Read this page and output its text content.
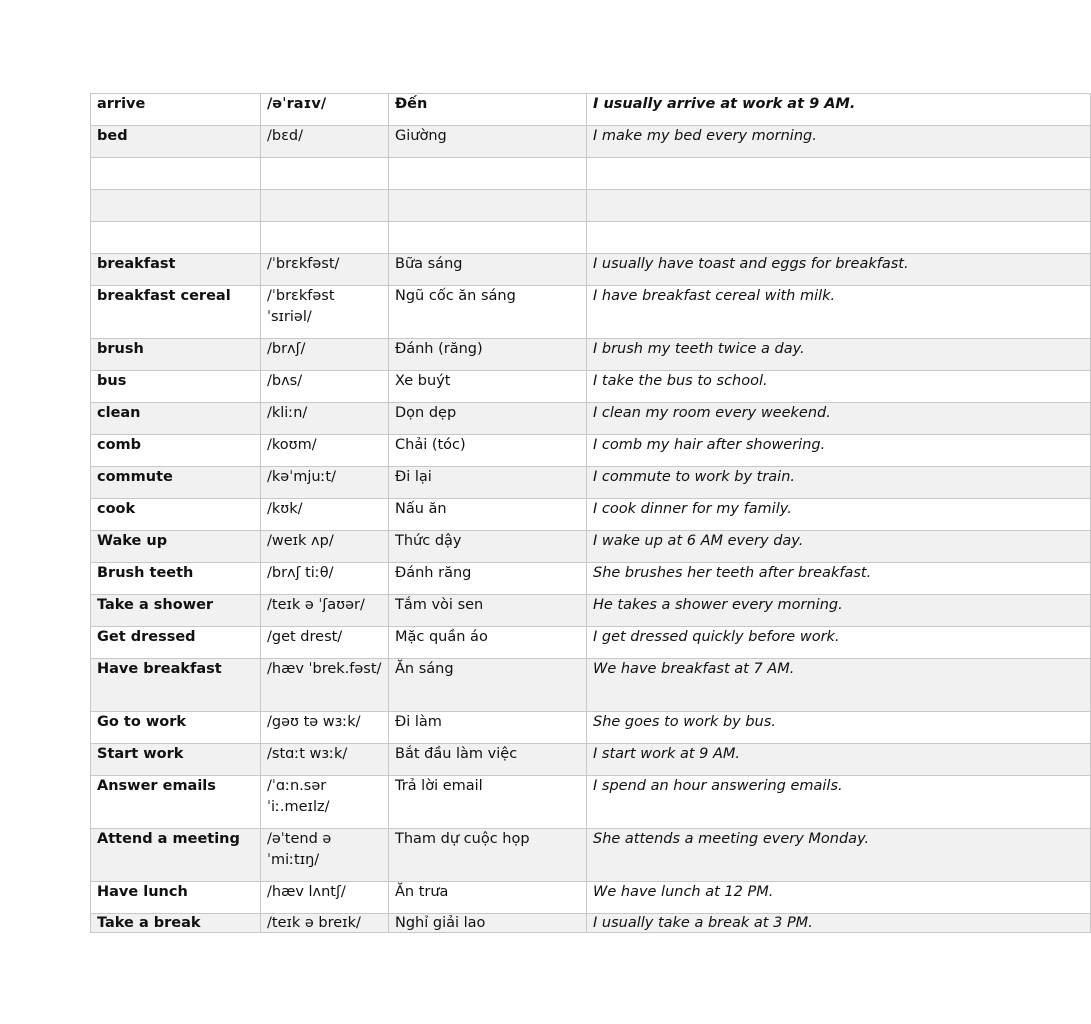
arrive	/əˈraɪv/	Đến	I usually arrive at work at 9 AM.
bed	/bɛd/	Giường	I make my bed every morning.

breakfast	/ˈbrɛkfəst/	Bữa sáng	I usually have toast and eggs for breakfast.
breakfast cereal	/ˈbrɛkfəst ˈsɪriəl/	Ngũ cốc ăn sáng	I have breakfast cereal with milk.
brush	/brʌʃ/	Đánh (răng)	I brush my teeth twice a day.
bus	/bʌs/	Xe buýt	I take the bus to school.
clean	/kliːn/	Dọn dẹp	I clean my room every weekend.
comb	/koʊm/	Chải (tóc)	I comb my hair after showering.
commute	/kəˈmjuːt/	Đi lại	I commute to work by train.
cook	/kʊk/	Nấu ăn	I cook dinner for my family.
Wake up	/weɪk ʌp/	Thức dậy	I wake up at 6 AM every day.
Brush teeth	/brʌʃ tiːθ/	Đánh răng	She brushes her teeth after breakfast.
Take a shower	/teɪk ə ˈʃaʊər/	Tắm vòi sen	He takes a shower every morning.
Get dressed	/get drest/	Mặc quần áo	I get dressed quickly before work.
Have breakfast	/hæv ˈbrek.fəst/	Ăn sáng	We have breakfast at 7 AM.
Go to work	/gəʊ tə wɜːk/	Đi làm	She goes to work by bus.
Start work	/stɑːt wɜːk/	Bắt đầu làm việc	I start work at 9 AM.
Answer emails	/ˈɑːn.sər ˈiː.meɪlz/	Trả lời email	I spend an hour answering emails.
Attend a meeting	/əˈtend ə ˈmiːtɪŋ/	Tham dự cuộc họp	She attends a meeting every Monday.
Have lunch	/hæv lʌntʃ/	Ăn trưa	We have lunch at 12 PM.
Take a break	/teɪk ə breɪk/	Nghỉ giải lao	I usually take a break at 3 PM.
